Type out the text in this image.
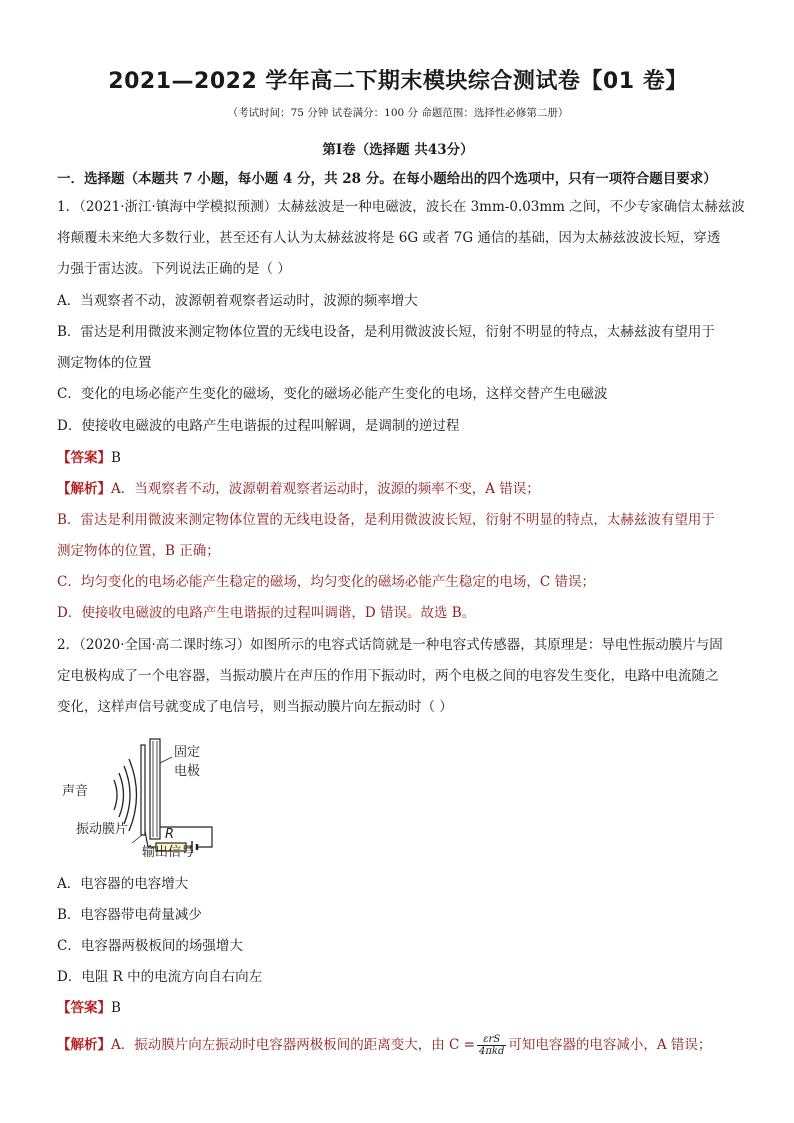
2021—2022 学年高二下期末模块综合测试卷【01 卷】
（考试时间：75 分钟 试卷满分：100 分 命题范围：选择性必修第二册）
第Ⅰ卷（选择题 共43分）
一．选择题（本题共 7 小题，每小题 4 分，共 28 分。在每小题给出的四个选项中，只有一项符合题目要求）
1．（2021·浙江·镇海中学模拟预测）太赫兹波是一种电磁波，波长在 3mm-0.03mm 之间，不少专家确信太赫兹波
将颠覆未来绝大多数行业，甚至还有人认为太赫兹波将是 6G 或者 7G 通信的基础，因为太赫兹波波长短，穿透
力强于雷达波。下列说法正确的是（ ）
A．当观察者不动，波源朝着观察者运动时，波源的频率增大
B．雷达是利用微波来测定物体位置的无线电设备，是利用微波波长短，衍射不明显的特点，太赫兹波有望用于
测定物体的位置
C．变化的电场必能产生变化的磁场，变化的磁场必能产生变化的电场，这样交替产生电磁波
D．使接收电磁波的电路产生电谐振的过程叫解调，是调制的逆过程
【答案】B
【解析】A．当观察者不动，波源朝着观察者运动时，波源的频率不变，A 错误；
B．雷达是利用微波来测定物体位置的无线电设备，是利用微波波长短，衍射不明显的特点，太赫兹波有望用于
测定物体的位置，B 正确；
C．均匀变化的电场必能产生稳定的磁场，均匀变化的磁场必能产生稳定的电场，C 错误；
D．使接收电磁波的电路产生电谐振的过程叫调谐，D 错误。故选 B。
2．（2020·全国·高二课时练习）如图所示的电容式话筒就是一种电容式传感器，其原理是：导电性振动膜片与固
定电极构成了一个电容器，当振动膜片在声压的作用下振动时，两个电极之间的电容发生变化，电路中电流随之
变化，这样声信号就变成了电信号，则当振动膜片向左振动时（ ）
声音
固定
电极
R
振动膜片
输出信号
A．电容器的电容增大
B．电容器带电荷量减少
C．电容器两极板间的场强增大
D．电阻 R 中的电流方向自右向左
【答案】B
【解析】A．振动膜片向左振动时电容器两极板间的距离变大，由 $C = \frac{\text{εrS}}{\text{4πkd}}$ 可知电容器的电容减小，A 错误；
